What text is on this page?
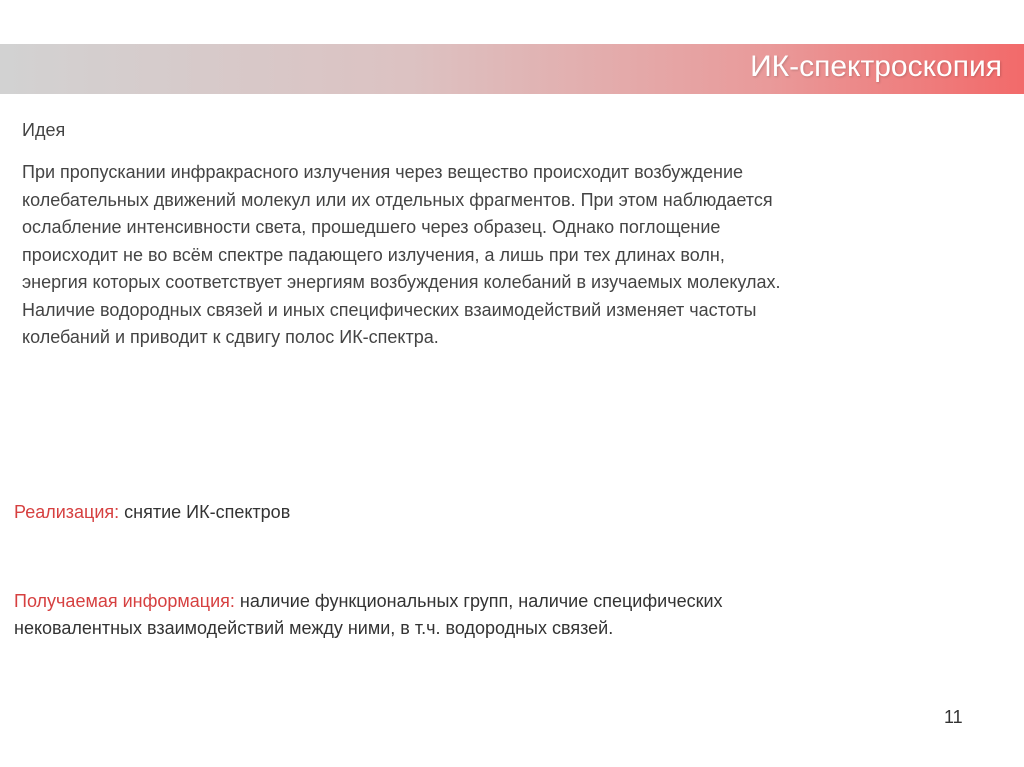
ИК-спектроскопия
Идея
При пропускании инфракрасного излучения через вещество происходит возбуждение
колебательных движений молекул или их отдельных фрагментов. При этом наблюдается
ослабление интенсивности света, прошедшего через образец. Однако поглощение
происходит не во всём спектре падающего излучения, а лишь при тех длинах волн,
энергия которых соответствует энергиям возбуждения колебаний в изучаемых молекулах.
Наличие водородных связей и иных специфических взаимодействий изменяет частоты
колебаний и приводит к сдвигу полос ИК-спектра.
Реализация: снятие ИК-спектров
Получаемая информация: наличие функциональных групп, наличие специфических
нековалентных взаимодействий между ними, в т.ч. водородных связей.
11
